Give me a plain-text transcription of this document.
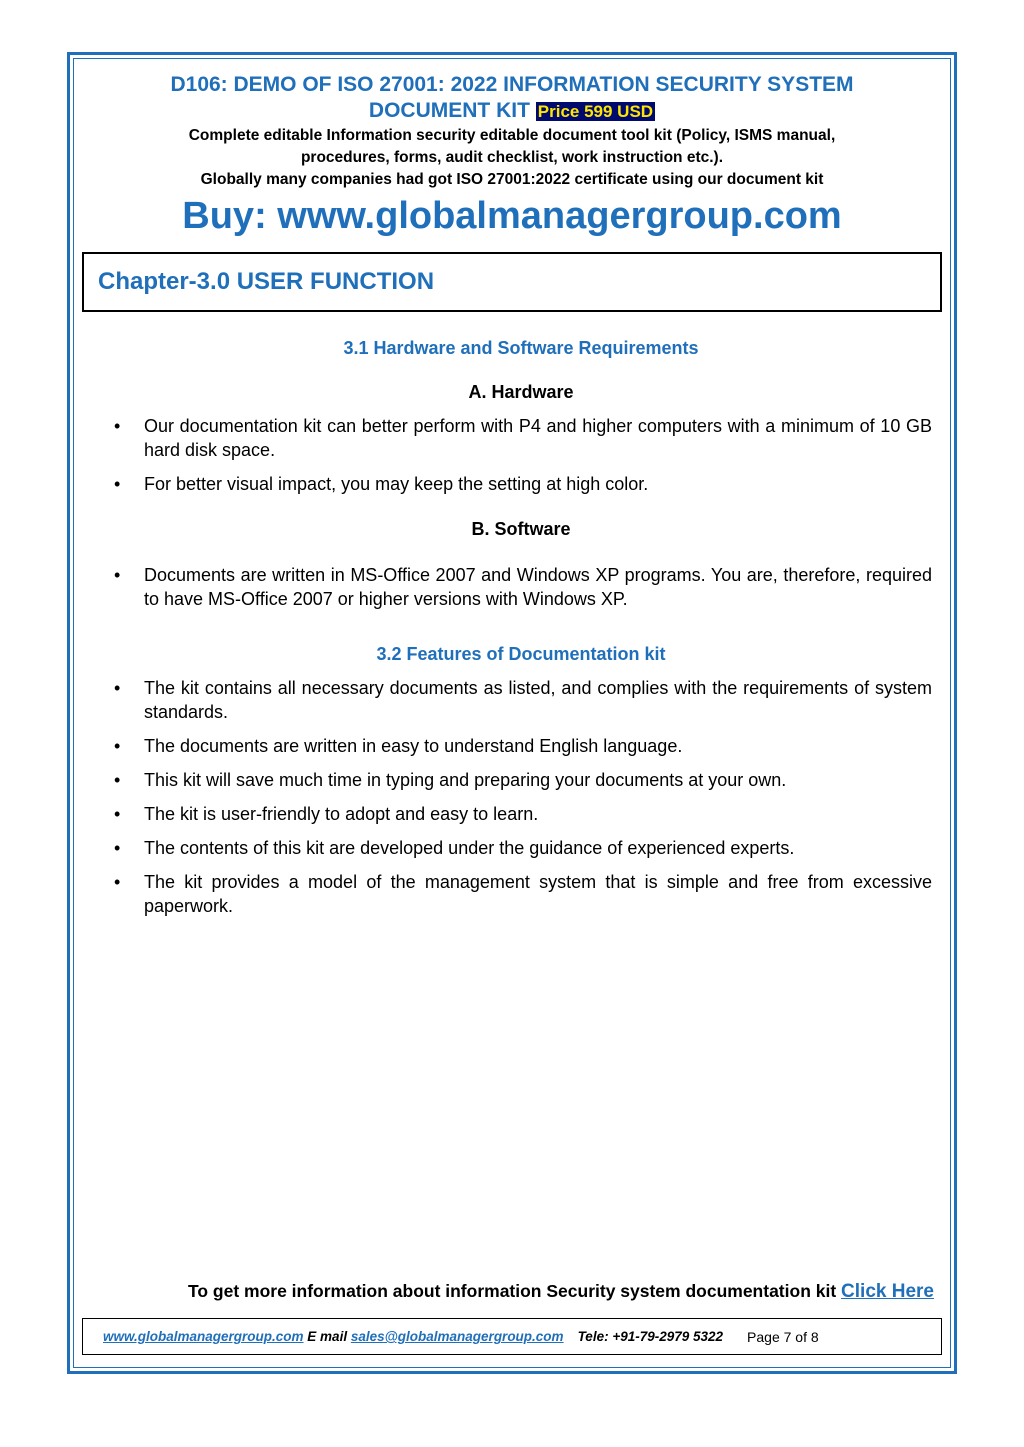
D106: DEMO OF ISO 27001: 2022 INFORMATION SECURITY SYSTEM

DOCUMENT KIT Price 599 USD

Complete editable Information security editable document tool kit (Policy, ISMS manual,

procedures, forms, audit checklist, work instruction etc.).

Globally many companies had got ISO 27001:2022 certificate using our document kit

Buy: www.globalmanagergroup.com
Chapter-3.0 USER FUNCTION
3.1 Hardware and Software Requirements
A. Hardware
• Our documentation kit can better perform with P4 and higher computers with a minimum of 10 GB hard disk space.
• For better visual impact, you may keep the setting at high color.
B. Software
• Documents are written in MS-Office 2007 and Windows XP programs. You are, therefore, required to have MS-Office 2007 or higher versions with Windows XP.
3.2 Features of Documentation kit
• The kit contains all necessary documents as listed, and complies with the requirements of system standards.
• The documents are written in easy to understand English language.
• This kit will save much time in typing and preparing your documents at your own.
• The kit is user-friendly to adopt and easy to learn.
• The contents of this kit are developed under the guidance of experienced experts.
• The kit provides a model of the management system that is simple and free from excessive paperwork.
To get more information about information Security system documentation kit Click Here
www.globalmanagergroup.com E mail sales@globalmanagergroup.com Tele: +91-79-2979 5322 Page 7 of 8
